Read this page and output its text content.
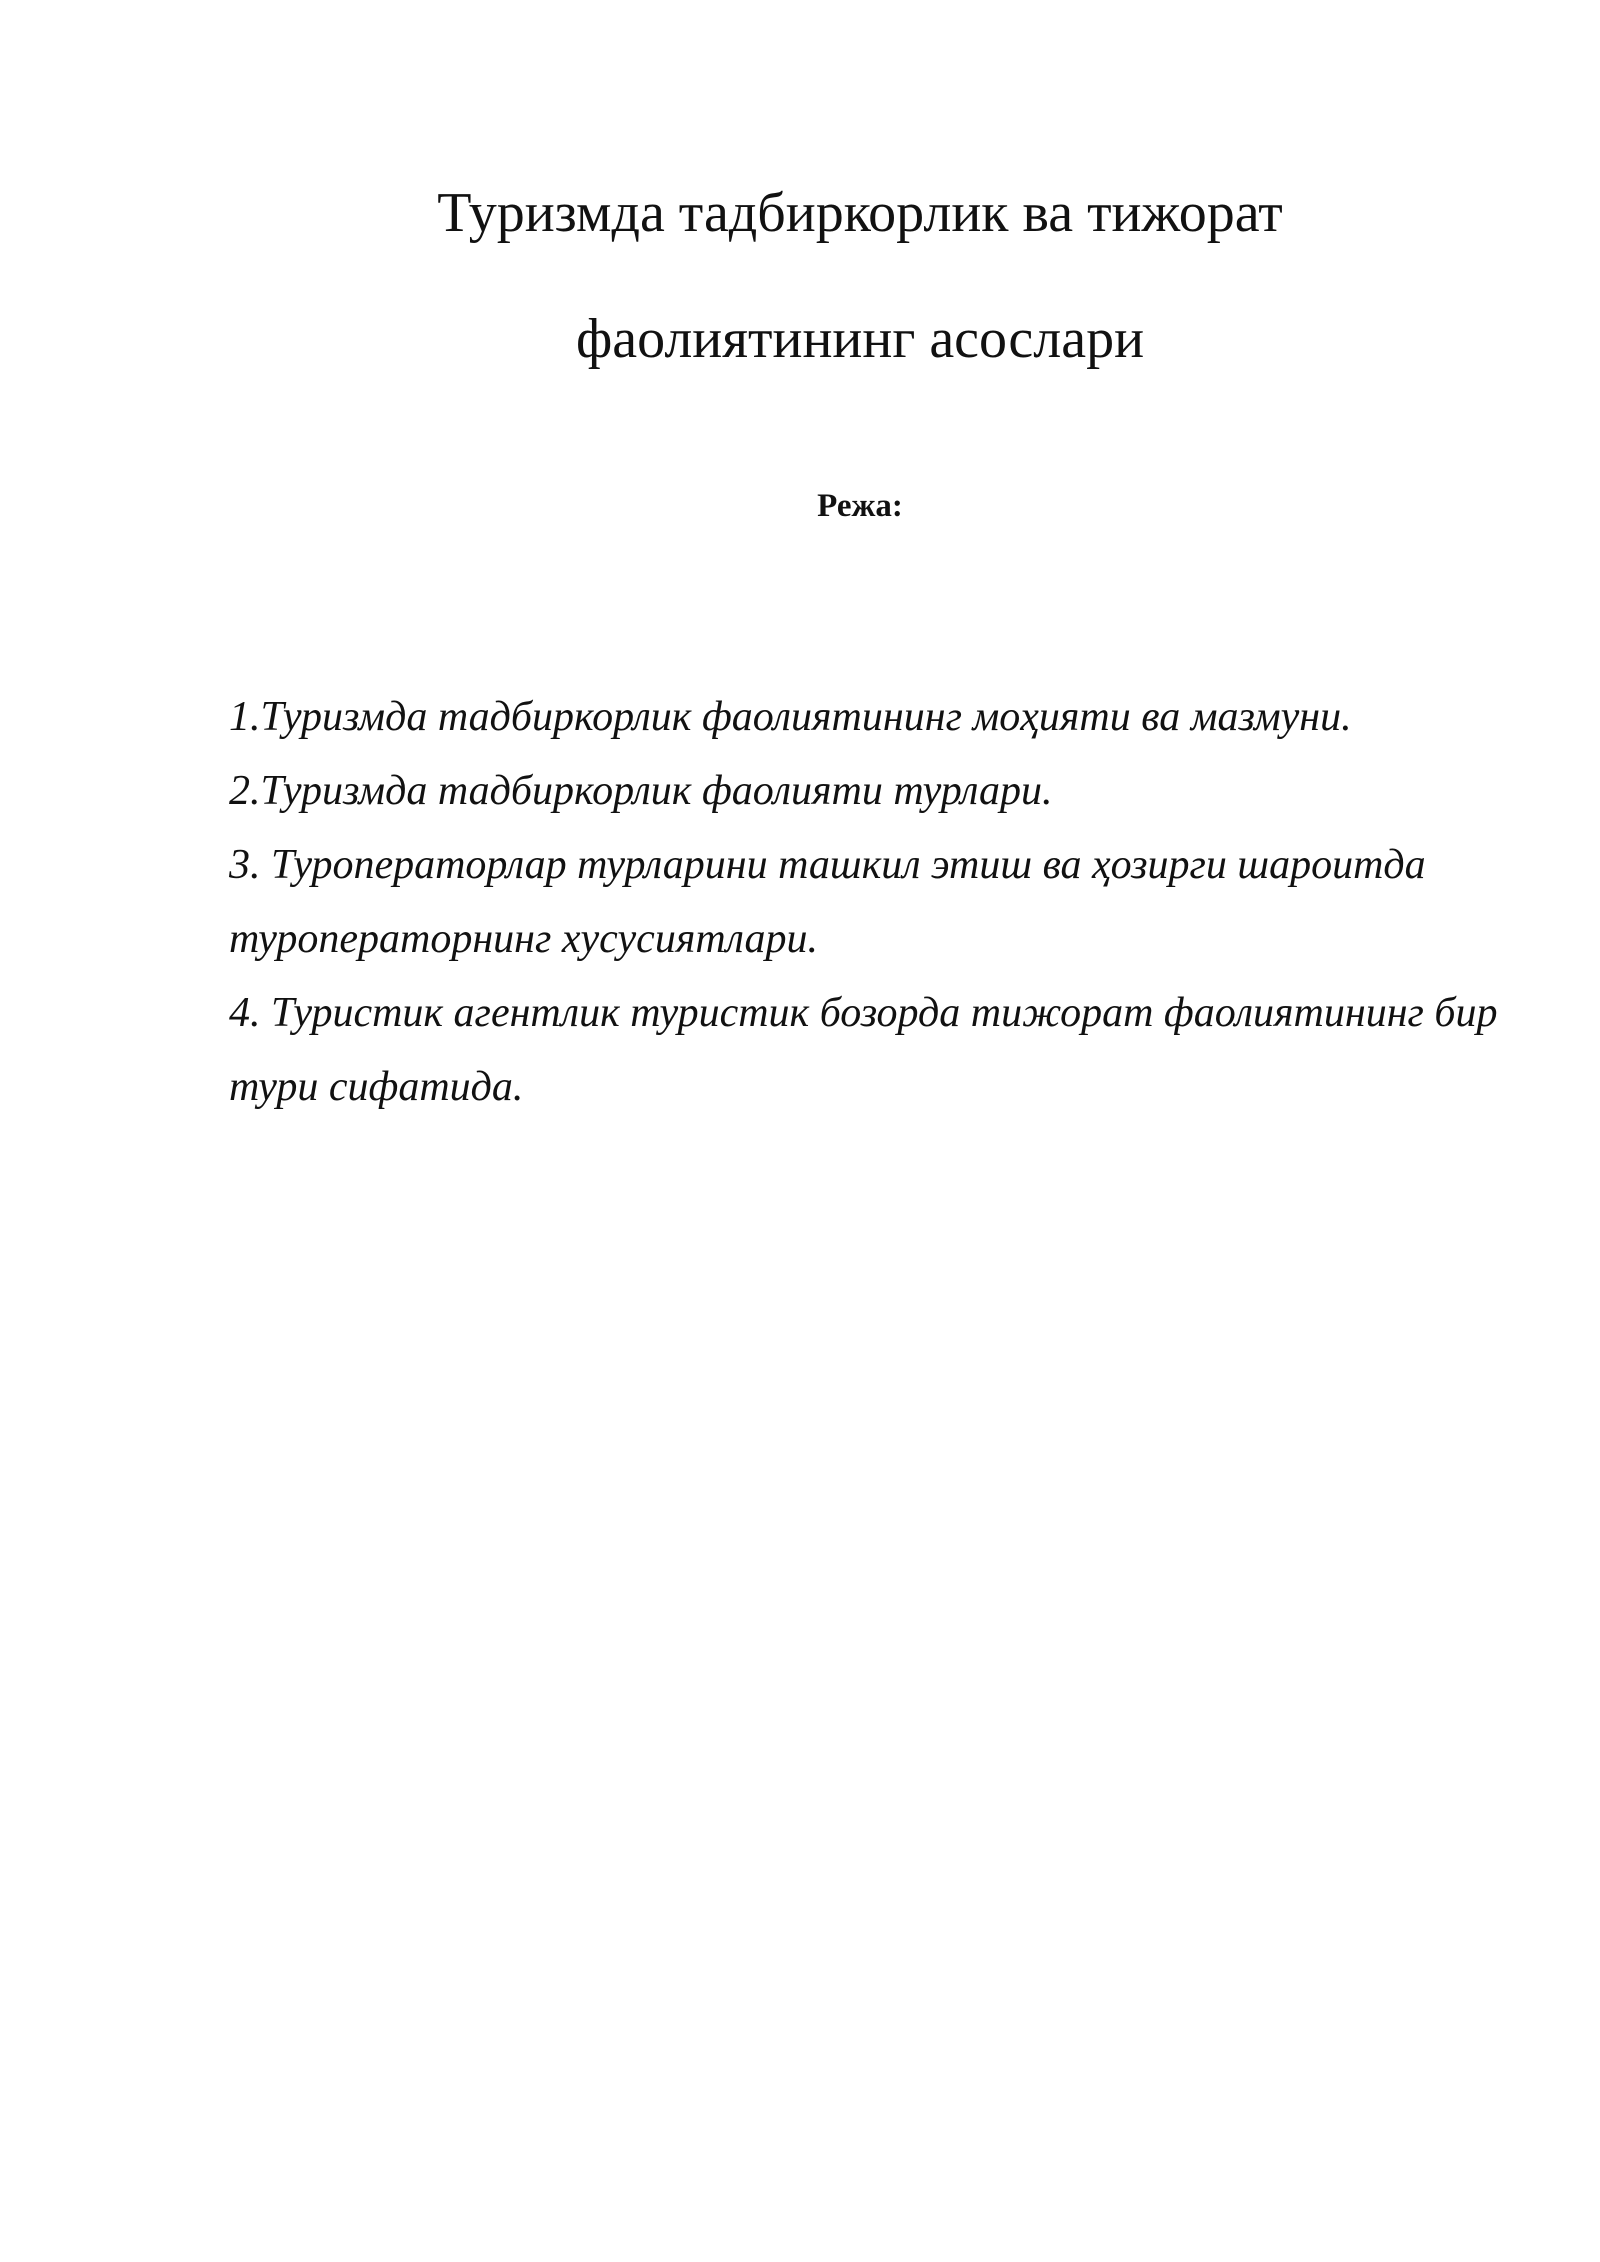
Туризмда тадбиркорлик ва тижорат
фаолиятининг асослари
Режа:
1.Туризмда тадбиркорлик фаолиятининг моҳияти ва мазмуни.
2.Туризмда тадбиркорлик фаолияти турлари.
3. Туроператорлар турларини ташкил этиш ва ҳозирги шароитда туроператорнинг хусусиятлари.
4. Туристик агентлик туристик бозорда тижорат фаолиятининг бир тури сифатида.
